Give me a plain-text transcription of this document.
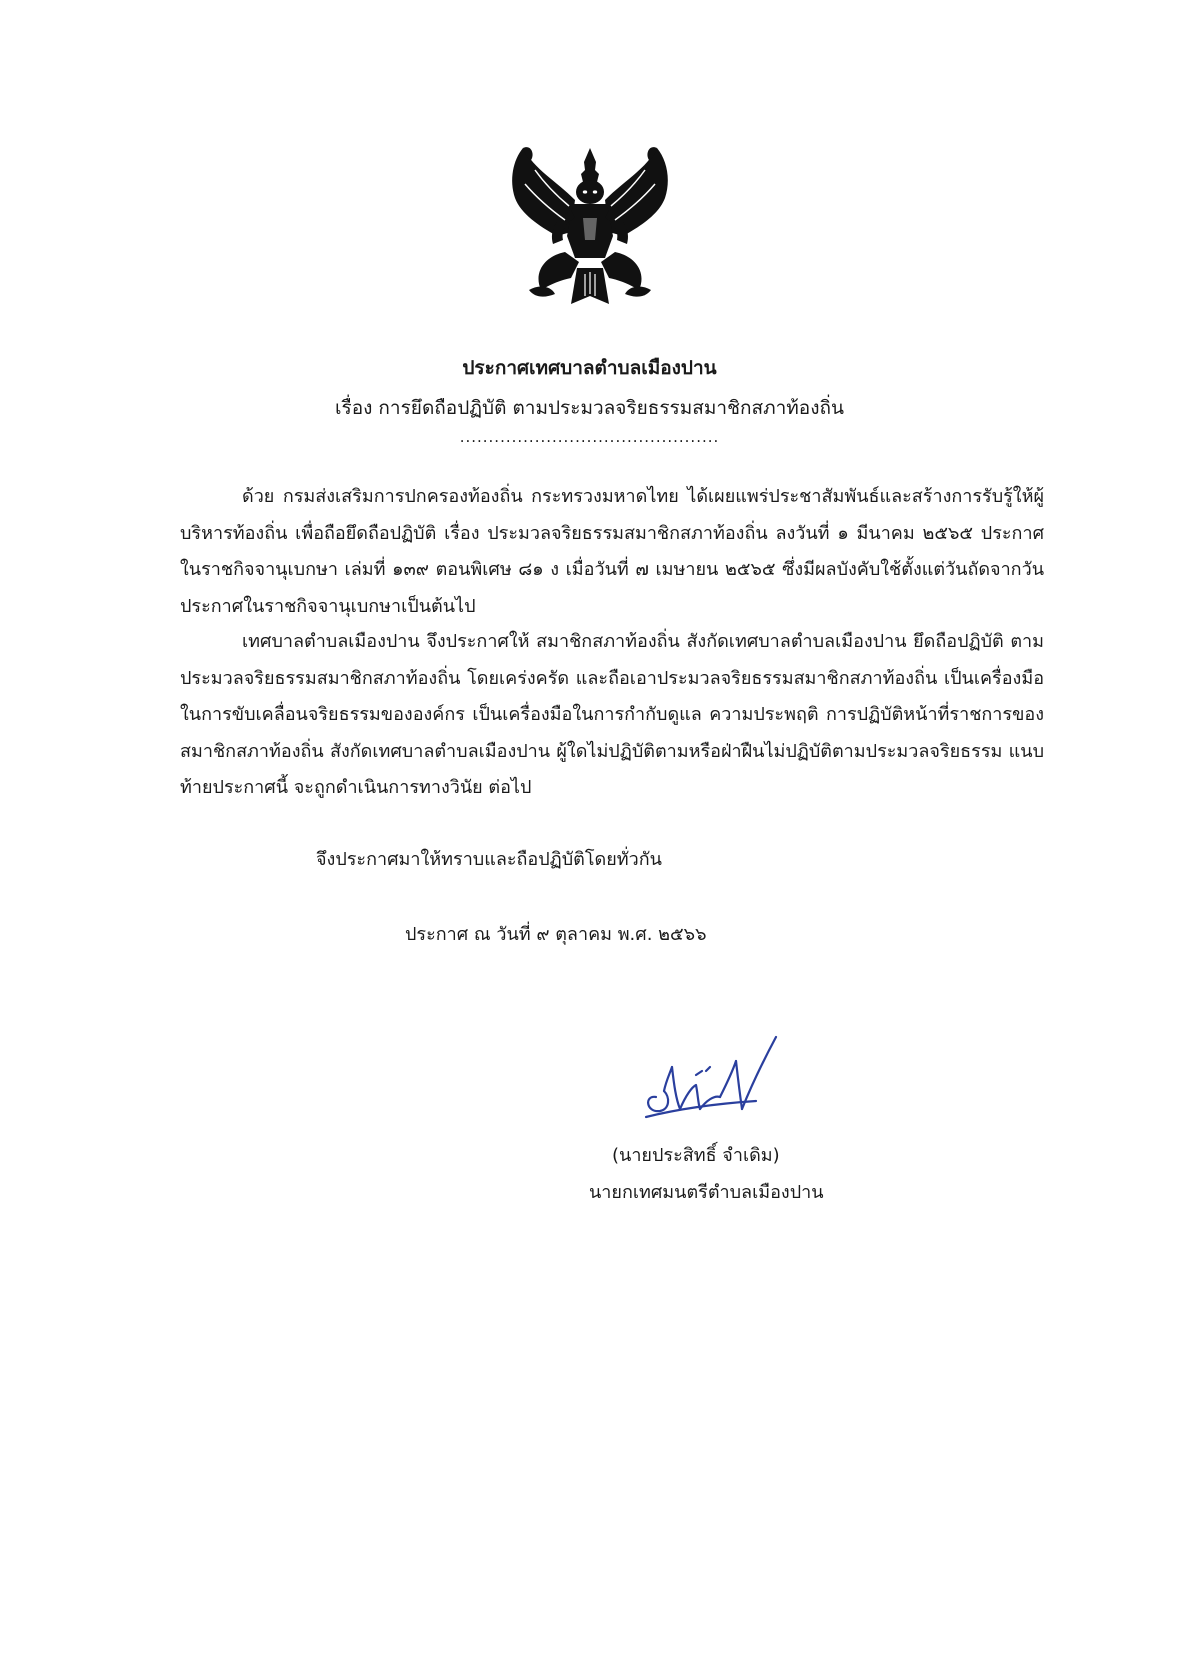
ประกาศเทศบาลตำบลเมืองปาน
เรื่อง การยึดถือปฏิบัติ ตามประมวลจริยธรรมสมาชิกสภาท้องถิ่น
.............................................

ด้วย กรมส่งเสริมการปกครองท้องถิ่น กระทรวงมหาดไทย ได้เผยแพร่ประชาสัมพันธ์และสร้างการรับรู้ให้ผู้บริหารท้องถิ่น เพื่อถือยึดถือปฏิบัติ เรื่อง ประมวลจริยธรรมสมาชิกสภาท้องถิ่น ลงวันที่ ๑ มีนาคม ๒๕๖๕ ประกาศในราชกิจจานุเบกษา เล่มที่ ๑๓๙ ตอนพิเศษ ๘๑ ง เมื่อวันที่ ๗ เมษายน ๒๕๖๕ ซึ่งมีผลบังคับใช้ตั้งแต่วันถัดจากวันประกาศในราชกิจจานุเบกษาเป็นต้นไป

เทศบาลตำบลเมืองปาน จึงประกาศให้ สมาชิกสภาท้องถิ่น สังกัดเทศบาลตำบลเมืองปาน ยึดถือปฏิบัติ ตามประมวลจริยธรรมสมาชิกสภาท้องถิ่น โดยเคร่งครัด และถือเอาประมวลจริยธรรมสมาชิกสภาท้องถิ่น เป็นเครื่องมือในการขับเคลื่อนจริยธรรมขององค์กร เป็นเครื่องมือในการกำกับดูแล ความประพฤติ การปฏิบัติหน้าที่ราชการของสมาชิกสภาท้องถิ่น สังกัดเทศบาลตำบลเมืองปาน ผู้ใดไม่ปฏิบัติตามหรือฝ่าฝืนไม่ปฏิบัติตามประมวลจริยธรรม แนบท้ายประกาศนี้ จะถูกดำเนินการทางวินัย ต่อไป

จึงประกาศมาให้ทราบและถือปฏิบัติโดยทั่วกัน
ประกาศ ณ วันที่ ๙ ตุลาคม พ.ศ. ๒๕๖๖
(นายประสิทธิ์ จำเดิม)
นายกเทศมนตรีตำบลเมืองปาน
